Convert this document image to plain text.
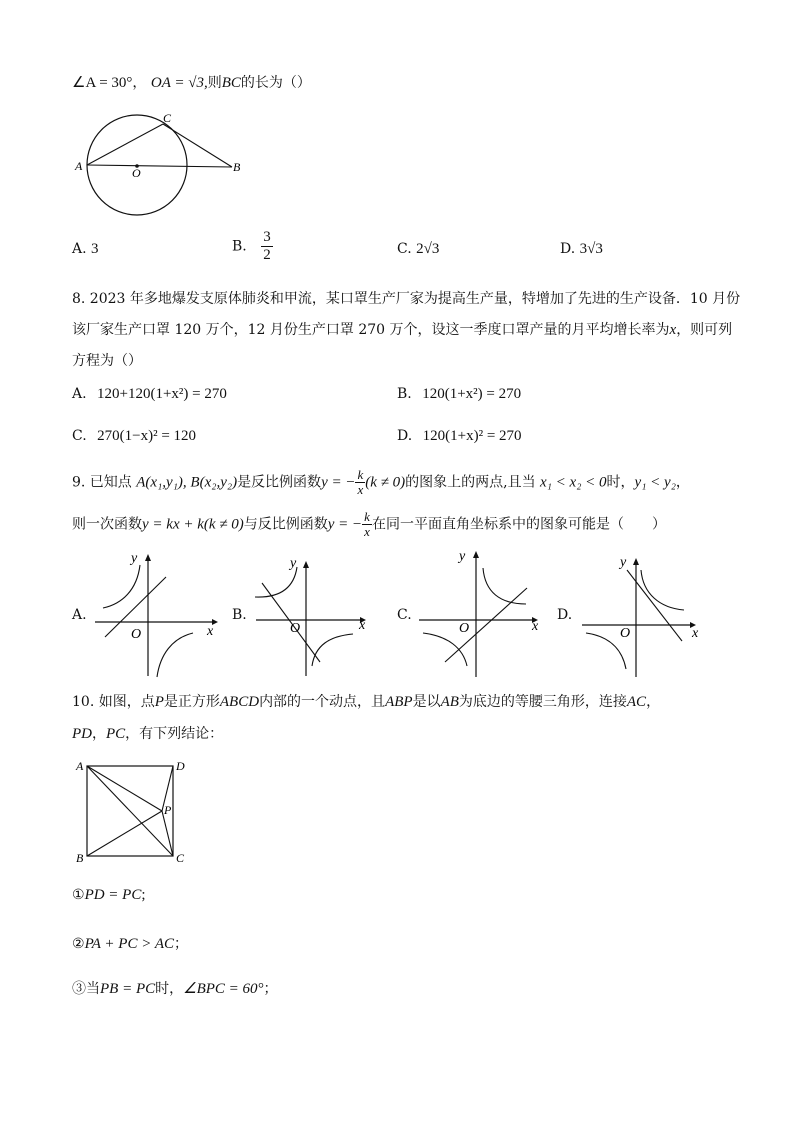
∠A = 30°， OA = √3,则BC的长为（）
A	B
C
O
A. 3	B. $\frac{3}{2}$	C. 2√3	D. 3√3
8. 2023 年多地爆发支原体肺炎和甲流，某口罩生产厂家为提高生产量，特增加了先进的生产设备．10 月份
该厂家生产口罩 120 万个，12 月份生产口罩 270 万个，设这一季度口罩产量的月平均增长率为x，则可列
方程为（）
A. 120+120(1+x²) = 270	B. 120(1+x²) = 270
C. 270(1−x)² = 120	D. 120(1+x)² = 270
9. 已知点 A(x₁,y₁), B(x₂,y₂)是反比例函数y = − $\frac{k}{x} (k \ne 0)$的图象上的两点,且当 x₁ < x₂ < 0时，y₁ < y₂，
则一次函数y = kx + k(k ≠ 0)与反比例函数y = − $\frac{k}{x}$ 在同一平面直角坐标系中的图象可能是（　　）
A.	B.	C.	D.
y
x
O
y
x
O
y
x
O
y
x
O
10. 如图，点P是正方形ABCD内部的一个动点，且ABP是以AB为底边的等腰三角形，连接AC，
PD，PC，有下列结论：
A	D
B	C
P
①PD = PC;
②PA + PC > AC；
③当PB = PC时，∠BPC = 60°；
